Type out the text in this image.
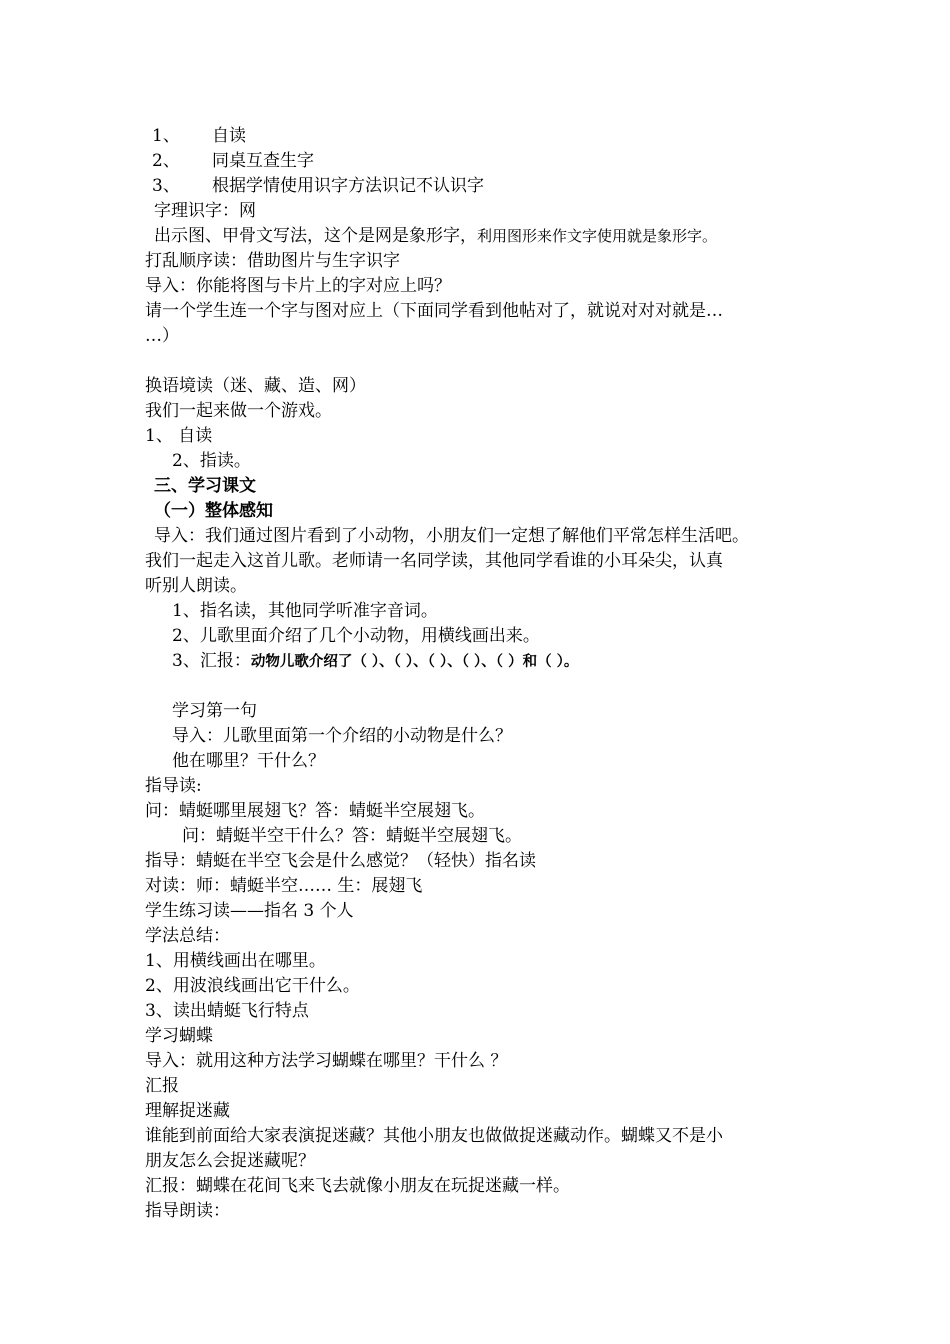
1、 自读
2、 同桌互查生字
3、 根据学情使用识字方法识记不认识字
字理识字：网
出示图、甲骨文写法，这个是网是象形字，利用图形来作文字使用就是象形字。
打乱顺序读：借助图片与生字识字
导入：你能将图与卡片上的字对应上吗？
请一个学生连一个字与图对应上（下面同学看到他帖对了，就说对对对就是…
…）
换语境读（迷、藏、造、网）
我们一起来做一个游戏。
1、 自读
2、指读。
三、学习课文
（一）整体感知
导入：我们通过图片看到了小动物，小朋友们一定想了解他们平常怎样生活吧。
我们一起走入这首儿歌。老师请一名同学读，其他同学看谁的小耳朵尖，认真
听别人朗读。
1、指名读，其他同学听准字音词。
2、儿歌里面介绍了几个小动物，用横线画出来。
3、汇报：动物儿歌介绍了（ ）、（ ）、（ ）、（ ）、（ ）和（ ）。
学习第一句
导入：儿歌里面第一个介绍的小动物是什么？
他在哪里？干什么？
指导读:
问：蜻蜓哪里展翅飞？答：蜻蜓半空展翅飞。
问：蜻蜓半空干什么？答：蜻蜓半空展翅飞。
指导：蜻蜓在半空飞会是什么感觉？（轻快）指名读
对读：师：蜻蜓半空…… 生：展翅飞
学生练习读——指名 3 个人
学法总结：
1、用横线画出在哪里。
2、用波浪线画出它干什么。
3、读出蜻蜓飞行特点
学习蝴蝶
导入：就用这种方法学习蝴蝶在哪里？干什么 ？
汇报
理解捉迷藏
谁能到前面给大家表演捉迷藏？其他小朋友也做做捉迷藏动作。蝴蝶又不是小
朋友怎么会捉迷藏呢？
汇报：蝴蝶在花间飞来飞去就像小朋友在玩捉迷藏一样。
指导朗读：
